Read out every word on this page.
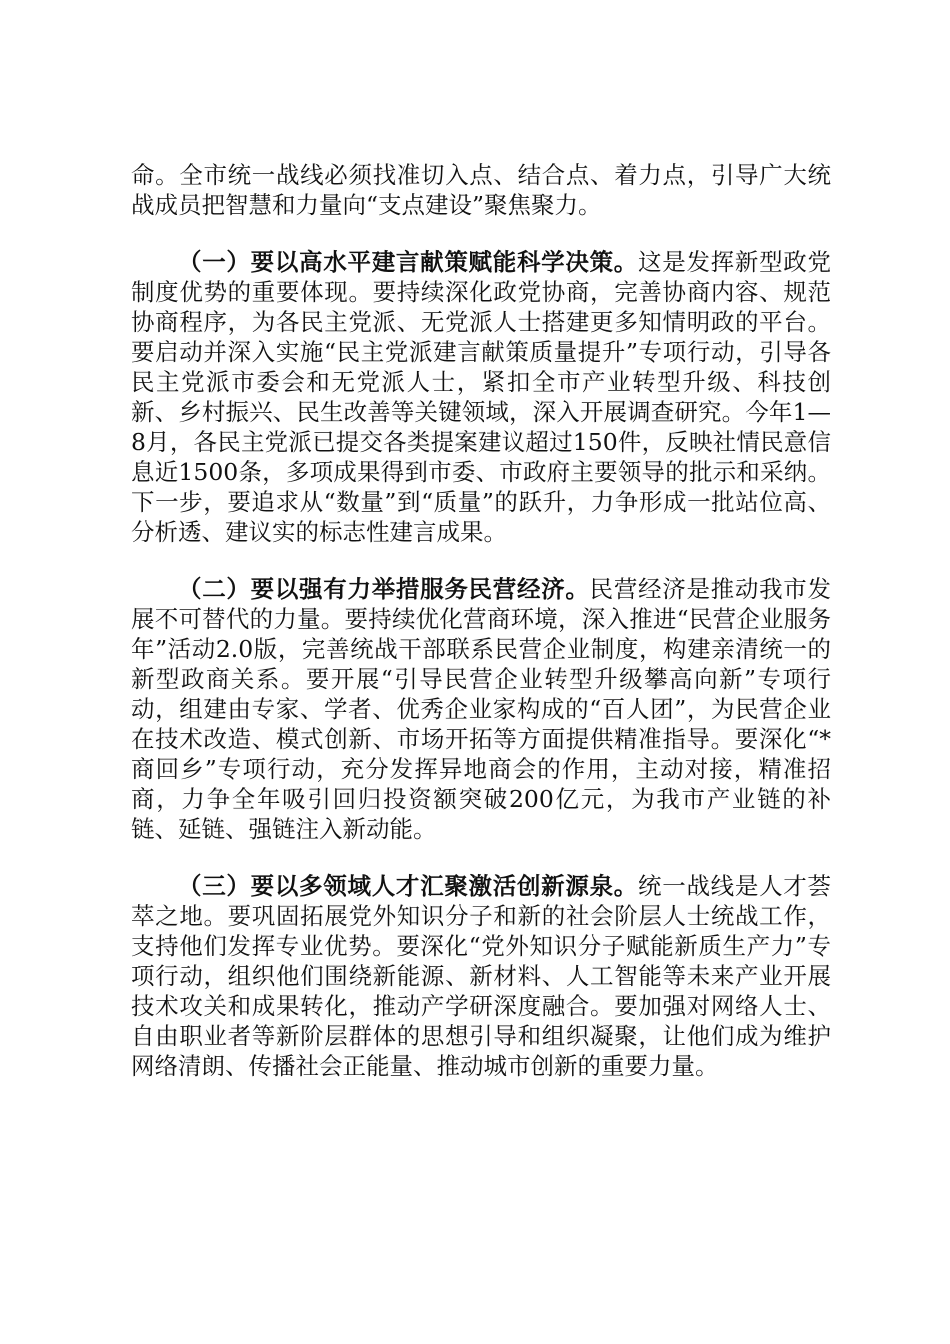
命。全市统一战线必须找准切入点、结合点、着力点，引导广大统战成员把智慧和力量向“支点建设”聚焦聚力。

（一）要以高水平建言献策赋能科学决策。这是发挥新型政党制度优势的重要体现。要持续深化政党协商，完善协商内容、规范协商程序，为各民主党派、无党派人士搭建更多知情明政的平台。要启动并深入实施“民主党派建言献策质量提升”专项行动，引导各民主党派市委会和无党派人士，紧扣全市产业转型升级、科技创新、乡村振兴、民生改善等关键领域，深入开展调查研究。今年1—8月，各民主党派已提交各类提案建议超过150件，反映社情民意信息近1500条，多项成果得到市委、市政府主要领导的批示和采纳。下一步，要追求从“数量”到“质量”的跃升，力争形成一批站位高、分析透、建议实的标志性建言成果。

（二）要以强有力举措服务民营经济。民营经济是推动我市发展不可替代的力量。要持续优化营商环境，深入推进“民营企业服务年”活动2.0版，完善统战干部联系民营企业制度，构建亲清统一的新型政商关系。要开展“引导民营企业转型升级攀高向新”专项行动，组建由专家、学者、优秀企业家构成的“百人团”，为民营企业在技术改造、模式创新、市场开拓等方面提供精准指导。要深化“*商回乡”专项行动，充分发挥异地商会的作用，主动对接，精准招商，力争全年吸引回归投资额突破200亿元，为我市产业链的补链、延链、强链注入新动能。

（三）要以多领域人才汇聚激活创新源泉。统一战线是人才荟萃之地。要巩固拓展党外知识分子和新的社会阶层人士统战工作，支持他们发挥专业优势。要深化“党外知识分子赋能新质生产力”专项行动，组织他们围绕新能源、新材料、人工智能等未来产业开展技术攻关和成果转化，推动产学研深度融合。要加强对网络人士、自由职业者等新阶层群体的思想引导和组织凝聚，让他们成为维护网络清朗、传播社会正能量、推动城市创新的重要力量。
